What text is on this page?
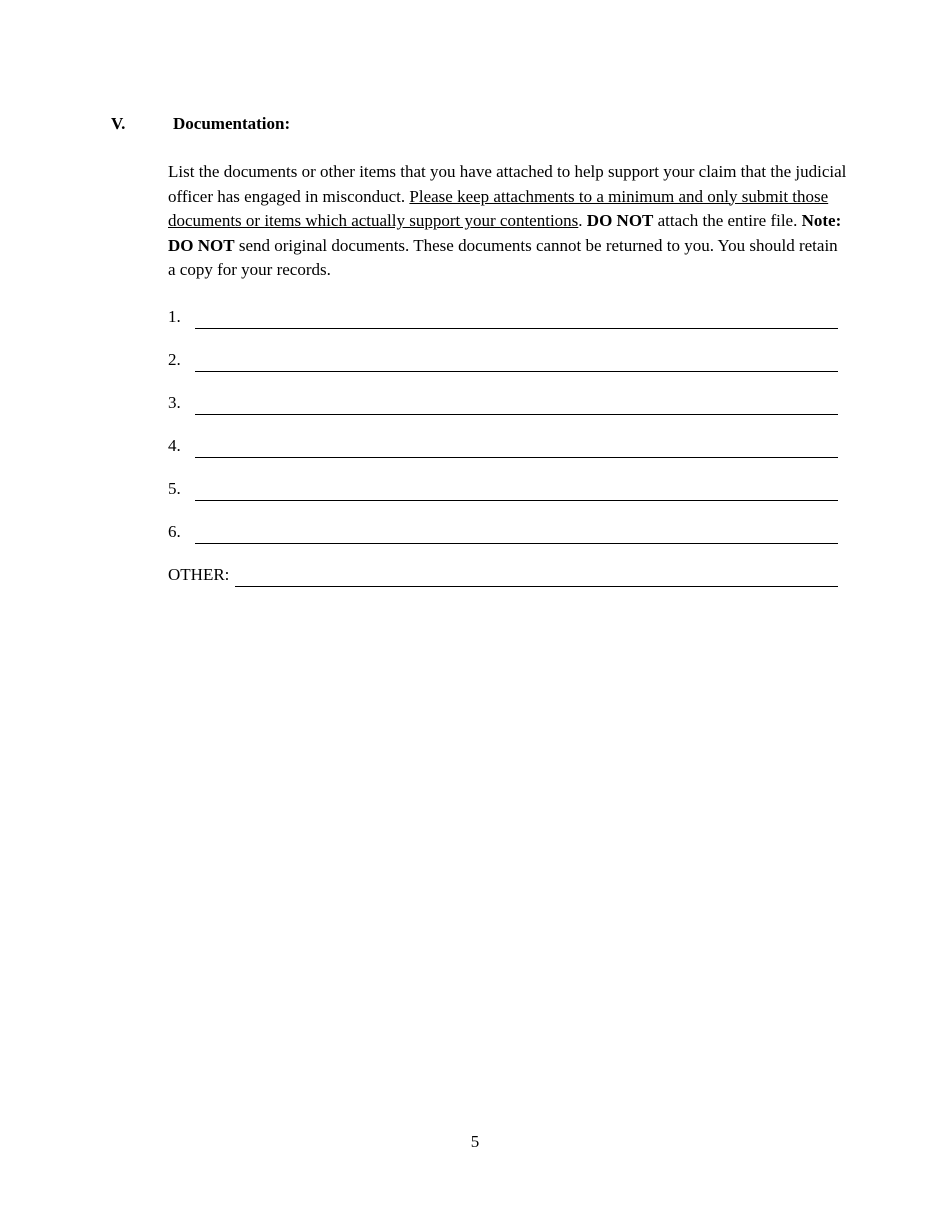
V.	Documentation:

List the documents or other items that you have attached to help support your claim that the judicial officer has engaged in misconduct. Please keep attachments to a minimum and only submit those documents or items which actually support your contentions. DO NOT attach the entire file. Note: DO NOT send original documents. These documents cannot be returned to you. You should retain a copy for your records.

1.
2.
3.
4.
5.
6.
OTHER:
5
